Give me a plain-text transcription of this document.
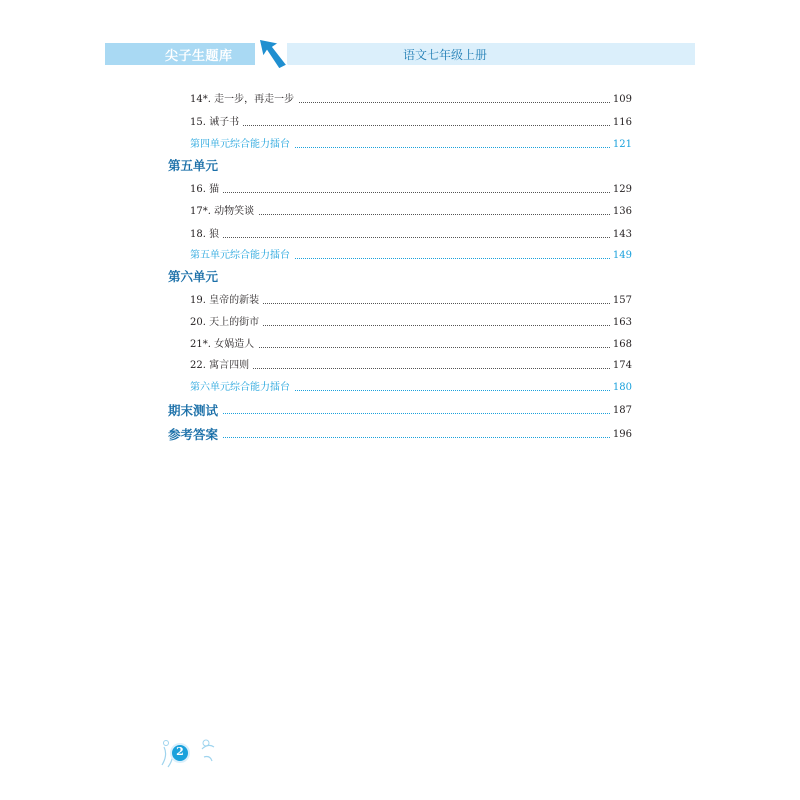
尖子生题库	语文七年级上册
14*. 走一步，再走一步	109
15. 诫子书	116
第四单元综合能力擂台	121
第五单元
16. 猫	129
17*. 动物笑谈	136
18. 狼	143
第五单元综合能力擂台	149
第六单元
19. 皇帝的新装	157
20. 天上的街市	163
21*. 女娲造人	168
22. 寓言四则	174
第六单元综合能力擂台	180
期末测试	187
参考答案	196
2
